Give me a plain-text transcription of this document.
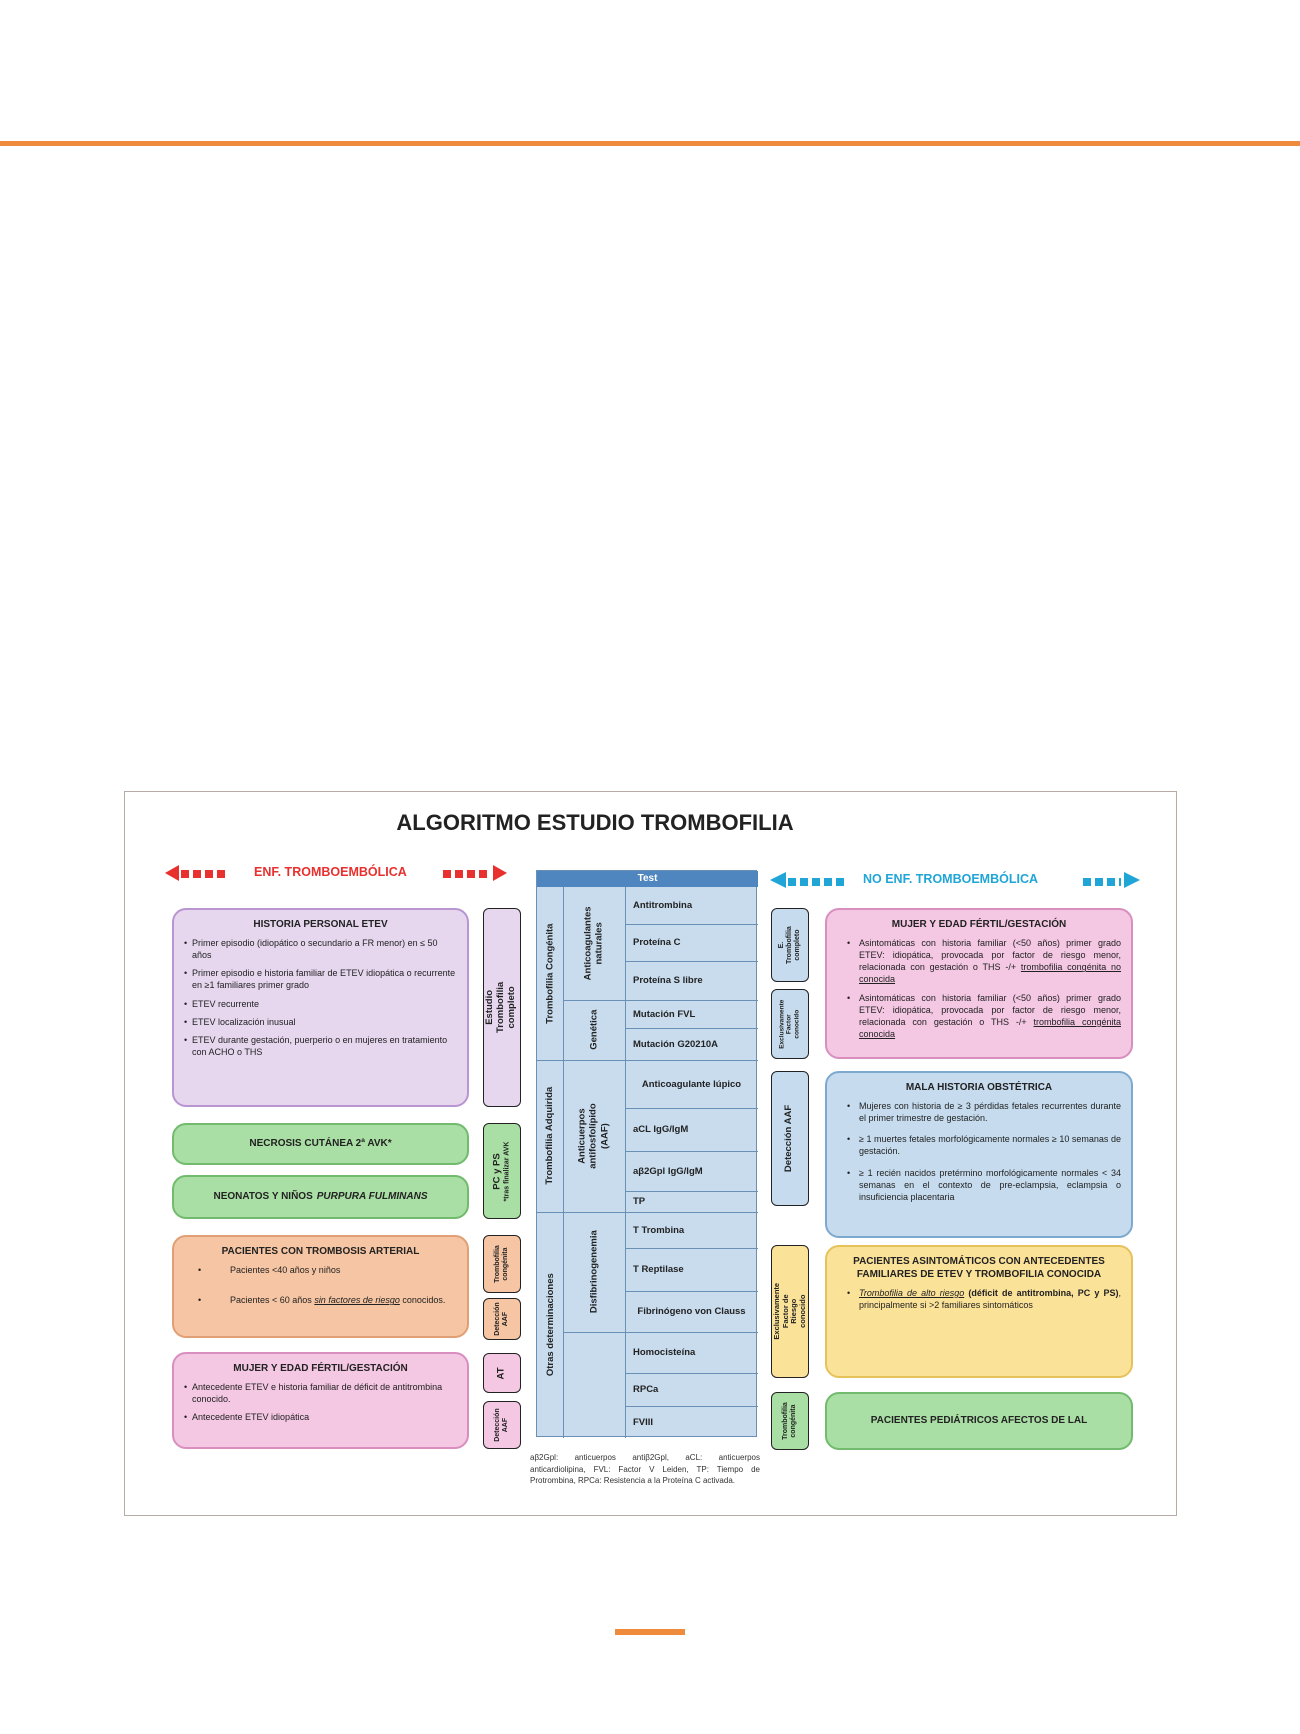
ALGORITMO ESTUDIO TROMBOFILIA
ENF. TROMBOEMBÓLICA	NO ENF. TROMBOEMBÓLICA
HISTORIA PERSONAL ETEV
• Primer episodio (idiopático o secundario a FR menor) en ≤ 50 años
• Primer episodio e historia familiar de ETEV idiopática o recurrente en ≥1 familiares primer grado
• ETEV recurrente
• ETEV localización inusual
• ETEV durante gestación, puerperio o en mujeres en tratamiento con ACHO o THS
NECROSIS CUTÁNEA 2ª AVK*
NEONATOS Y NIÑOS PURPURA FULMINANS
PACIENTES CON TROMBOSIS ARTERIAL
• Pacientes <40 años y niños
• Pacientes < 60 años sin factores de riesgo conocidos.
MUJER Y EDAD FÉRTIL/GESTACIÓN
• Antecedente ETEV e historia familiar de déficit de antitrombina conocido.
• Antecedente ETEV idiopática
Estudio Trombofilia completo
PC y PS *tras finalizar AVK
Trombofilia congénita
Detección AAF
AT
Detección AAF
Test
Trombofilia Congénita
Trombofilia Adquirida
Otras determinaciones
Anticoagulantes naturales
Genética
Anticuerpos antifosfolípido (AAF)
Disfibrinogenemia
Antitrombina
Proteína C
Proteína S libre
Mutación FVL
Mutación G20210A
Anticoagulante lúpico
aCL IgG/IgM
aβ2Gpl IgG/IgM
TP
T Trombina
T Reptilase
Fibrinógeno von Clauss
Homocisteína
RPCa
FVIII
aβ2Gpl: anticuerpos antiβ2Gpl, aCL: anticuerpos anticardiolipina, FVL: Factor V Leiden, TP: Tiempo de Protrombina, RPCa: Resistencia a la Proteína C activada.
E. Trombofilia completo
Exclusivamente Factor conocido
Detección AAF
Exclusivamente Factor de Riesgo conocido
Trombofilia congénita
MUJER Y EDAD FÉRTIL/GESTACIÓN
• Asintomáticas con historia familiar (<50 años) primer grado ETEV: idiopática, provocada por factor de riesgo menor, relacionada con gestación o THS -/+ trombofilia congénita no conocida
• Asintomáticas con historia familiar (<50 años) primer grado ETEV: idiopática, provocada por factor de riesgo menor, relacionada con gestación o THS -/+ trombofilia congénita conocida
MALA HISTORIA OBSTÉTRICA
• Mujeres con historia de ≥ 3 pérdidas fetales recurrentes durante el primer trimestre de gestación.
• ≥ 1 muertes fetales morfológicamente normales ≥ 10 semanas de gestación.
• ≥ 1 recién nacidos pretérmino morfológicamente normales < 34 semanas en el contexto de pre-eclampsia, eclampsia o insuficiencia placentaria
PACIENTES ASINTOMÁTICOS CON ANTECEDENTES FAMILIARES DE ETEV Y TROMBOFILIA CONOCIDA
• Trombofilia de alto riesgo (déficit de antitrombina, PC y PS), principalmente si >2 familiares sintomáticos
PACIENTES PEDIÁTRICOS AFECTOS DE LAL
